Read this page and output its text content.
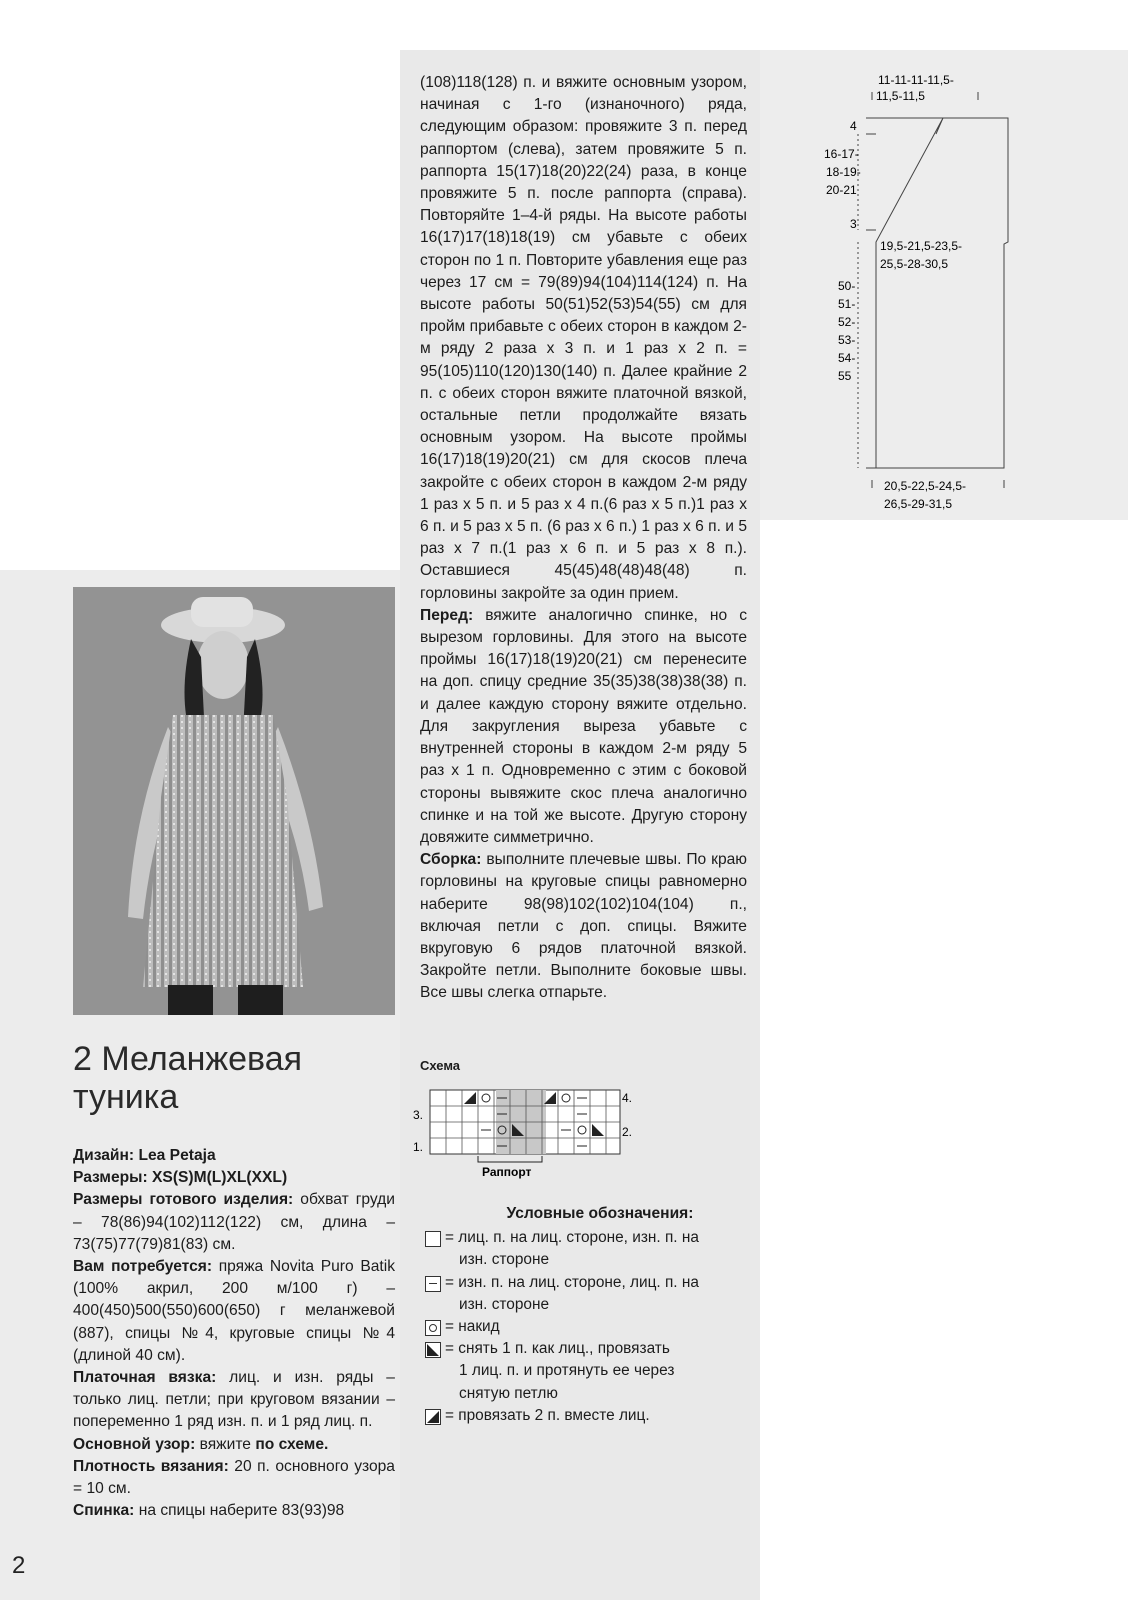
2 Меланжевая туника

Дизайн: Lea Petaja

Размеры: XS(S)M(L)XL(XXL)

Размеры готового изделия: обхват груди – 78(86)94(102)112(122) см, длина – 73(75)77(79)81(83) см.

Вам потребуется: пряжа Novita Puro Batik (100% акрил, 200 м/100 г) – 400(450)500(550)600(650) г меланжевой (887), спицы №4, круговые спицы №4 (длиной 40 см).

Платочная вязка: лиц. и изн. ряды – только лиц. петли; при круговом вязании – попеременно 1 ряд изн. п. и 1 ряд лиц. п.

Основной узор: вяжите по схеме.

Плотность вязания: 20 п. основного узора = 10 см.

Спинка: на спицы наберите 83(93)98

(108)118(128) п. и вяжите основным узором, начиная с 1-го (изнаночного) ряда, следующим образом: провяжите 3 п. перед раппортом (слева), затем провяжите 5 п. раппорта 15(17)18(20)22(24) раза, в конце провяжите 5 п. после раппорта (справа). Повторяйте 1–4-й ряды. На высоте работы 16(17)17(18)18(19) см убавьте с обеих сторон по 1 п. Повторите убавления еще раз через 17 см = 79(89)94(104)114(124) п. На высоте работы 50(51)52(53)54(55) см для пройм прибавьте с обеих сторон в каждом 2-м ряду 2 раза х 3 п. и 1 раз х 2 п. = 95(105)110(120)130(140) п. Далее крайние 2 п. с обеих сторон вяжите платочной вязкой, остальные петли продолжайте вязать основным узором. На высоте проймы 16(17)18(19)20(21) см для скосов плеча закройте с обеих сторон в каждом 2-м ряду 1 раз х 5 п. и 5 раз х 4 п.(6 раз х 5 п.)1 раз х 6 п. и 5 раз х 5 п. (6 раз х 6 п.) 1 раз х 6 п. и 5 раз х 7 п.(1 раз х 6 п. и 5 раз х 8 п.). Оставшиеся 45(45)48(48)48(48) п. горловины закройте за один прием.

Перед: вяжите аналогично спинке, но с вырезом горловины. Для этого на высоте проймы 16(17)18(19)20(21) см перенесите на доп. спицу средние 35(35)38(38)38(38) п. и далее каждую сторону вяжите отдельно. Для закругления выреза убавьте с внутренней стороны в каждом 2-м ряду 5 раз х 1 п. Одновременно с этим с боковой стороны вывяжите скос плеча аналогично спинке и на той же высоте. Другую сторону довяжите симметрично.

Сборка: выполните плечевые швы. По краю горловины на круговые спицы равномерно наберите 98(98)102(102)104(104) п., включая петли с доп. спицы. Вяжите вкруговую 6 рядов платочной вязкой. Закройте петли. Выполните боковые швы. Все швы слегка отпарьте.

Схема
1.
2.
3.
4.
Раппорт
Условные обозначения:
= лиц. п. на лиц. стороне, изн. п. на
изн. стороне
= изн. п. на лиц. стороне, лиц. п. на
изн. стороне
= накид
= снять 1 п. как лиц., провязать
1 лиц. п. и протянуть ее через
снятую петлю
= провязать 2 п. вместе лиц.
11-11-11-11,5-
11,5-11,5
4
16-17-
18-19-
20-21
3
19,5-21,5-23,5-
25,5-28-30,5
50-
51-
52-
53-
54-
55
20,5-22,5-24,5-
26,5-29-31,5
2
